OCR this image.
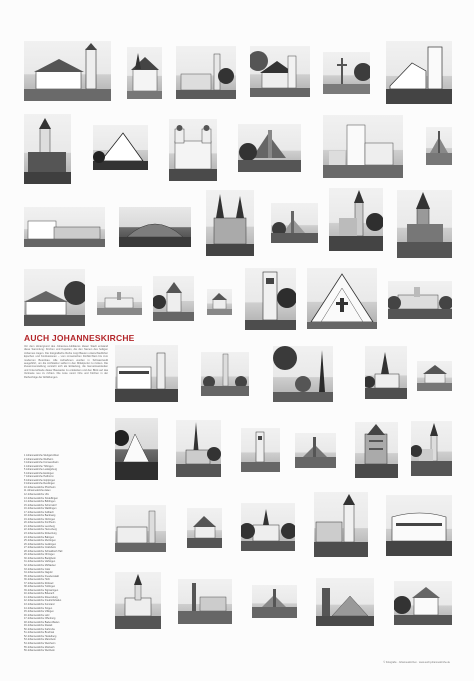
AUCH JOHANNESKIRCHE
Vor dem Hintergrund des Johannes-Jubiläums dieser Stadt entstand diese Sammlung: Kirchen und Kapellen, die den Namen des heiligen Johannes tragen. Die fotografische Reihe zeigt Bauten unterschiedlicher Epochen und Konfessionen – vom romanischen Dorfkirchlein bis zum modernen Betonbau. Alle Aufnahmen wurden in Schwarzweiß ausgeführt, um die Architektur selbst in den Mittelpunkt zu rücken. Die Zusammenstellung versteht sich als Einladung, die Gemeinsamkeiten und Unterschiede dieser Bauwerke zu entdecken und den Blick auf das Vertraute neu zu richten. Die Liste nennt Orte und Kirchen in der Reihenfolge der Abbildungen.
1 Johanneskirche Stuttgart-West
2 Johanneskirche Weilheim
3 Johanneskirche Kornwestheim
4 Johanneskirche Tübingen
5 Johanneskirche Ludwigsburg
6 Johanneskirche Esslingen
7 Johanneskirche Heilbronn
8 Johanneskirche Göppingen
9 Johanneskirche Reutlingen
10 Johanneskirche Pforzheim
11 Johanneskirche Aalen
12 Johanneskirche Ulm
13 Johanneskirche Sindelfingen
14 Johanneskirche Böblingen
15 Johanneskirche Schorndorf
16 Johanneskirche Waiblingen
17 Johanneskirche Fellbach
18 Johanneskirche Backnang
19 Johanneskirche Nürtingen
20 Johanneskirche Kirchheim
21 Johanneskirche Leonberg
22 Johanneskirche Herrenberg
23 Johanneskirche Rottenburg
24 Johanneskirche Balingen
25 Johanneskirche Metzingen
26 Johanneskirche Geislingen
27 Johanneskirche Crailsheim
28 Johanneskirche Schwäbisch Hall
29 Johanneskirche Öhringen
30 Johanneskirche Bietigheim
31 Johanneskirche Vaihingen
32 Johanneskirche Mühlacker
33 Johanneskirche Calw
34 Johanneskirche Nagold
35 Johanneskirche Freudenstadt
36 Johanneskirche Horb
37 Johanneskirche Rottweil
38 Johanneskirche Tuttlingen
39 Johanneskirche Sigmaringen
40 Johanneskirche Biberach
41 Johanneskirche Ravensburg
42 Johanneskirche Friedrichshafen
43 Johanneskirche Konstanz
44 Johanneskirche Singen
45 Johanneskirche Villingen
46 Johanneskirche Lahr
47 Johanneskirche Offenburg
48 Johanneskirche Baden-Baden
49 Johanneskirche Rastatt
50 Johanneskirche Karlsruhe
51 Johanneskirche Bruchsal
52 Johanneskirche Heidelberg
53 Johanneskirche Mannheim
54 Johanneskirche Weinheim
55 Johanneskirche Mosbach
56 Johanneskirche Wertheim
© Fotografie · Johanneskirchen · www.auch-johanneskirche.de
